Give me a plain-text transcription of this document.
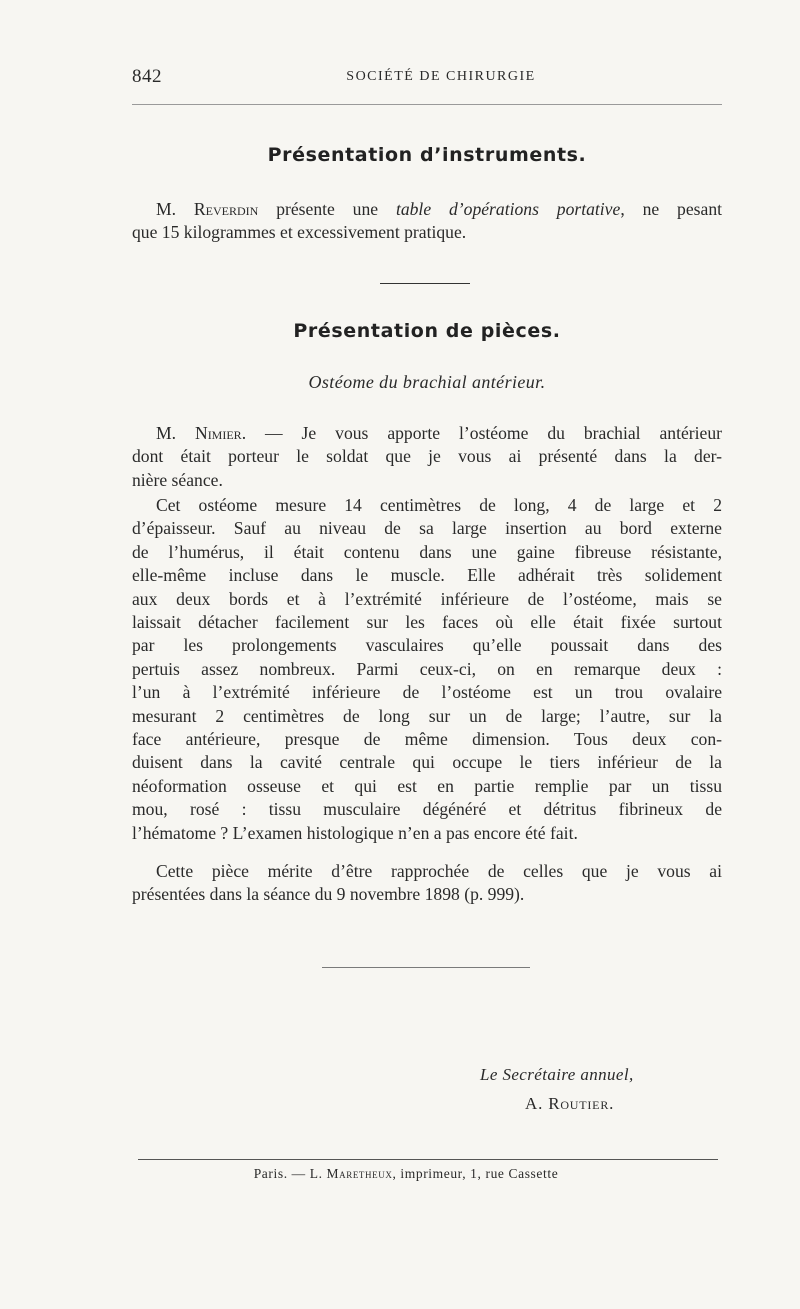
842	SOCIÉTÉ DE CHIRURGIE
Présentation d’instruments.
M. Reverdin présente une table d’opérations portative, ne pesant
que 15 kilogrammes et excessivement pratique.
Présentation de pièces.
Ostéome du brachial antérieur.
M. Nimier. — Je vous apporte l’ostéome du brachial antérieur
dont était porteur le soldat que je vous ai présenté dans la der-
nière séance.
Cet ostéome mesure 14 centimètres de long, 4 de large et 2
d’épaisseur. Sauf au niveau de sa large insertion au bord externe
de l’humérus, il était contenu dans une gaine fibreuse résistante,
elle-même incluse dans le muscle. Elle adhérait très solidement
aux deux bords et à l’extrémité inférieure de l’ostéome, mais se
laissait détacher facilement sur les faces où elle était fixée surtout
par les prolongements vasculaires qu’elle poussait dans des
pertuis assez nombreux. Parmi ceux-ci, on en remarque deux :
l’un à l’extrémité inférieure de l’ostéome est un trou ovalaire
mesurant 2 centimètres de long sur un de large; l’autre, sur la
face antérieure, presque de même dimension. Tous deux con-
duisent dans la cavité centrale qui occupe le tiers inférieur de la
néoformation osseuse et qui est en partie remplie par un tissu
mou, rosé : tissu musculaire dégénéré et détritus fibrineux de
l’hématome ? L’examen histologique n’en a pas encore été fait.
Cette pièce mérite d’être rapprochée de celles que je vous ai
présentées dans la séance du 9 novembre 1898 (p. 999).
Le Secrétaire annuel,
A. Routier.
Paris. — L. Maretheux, imprimeur, 1, rue Cassette
